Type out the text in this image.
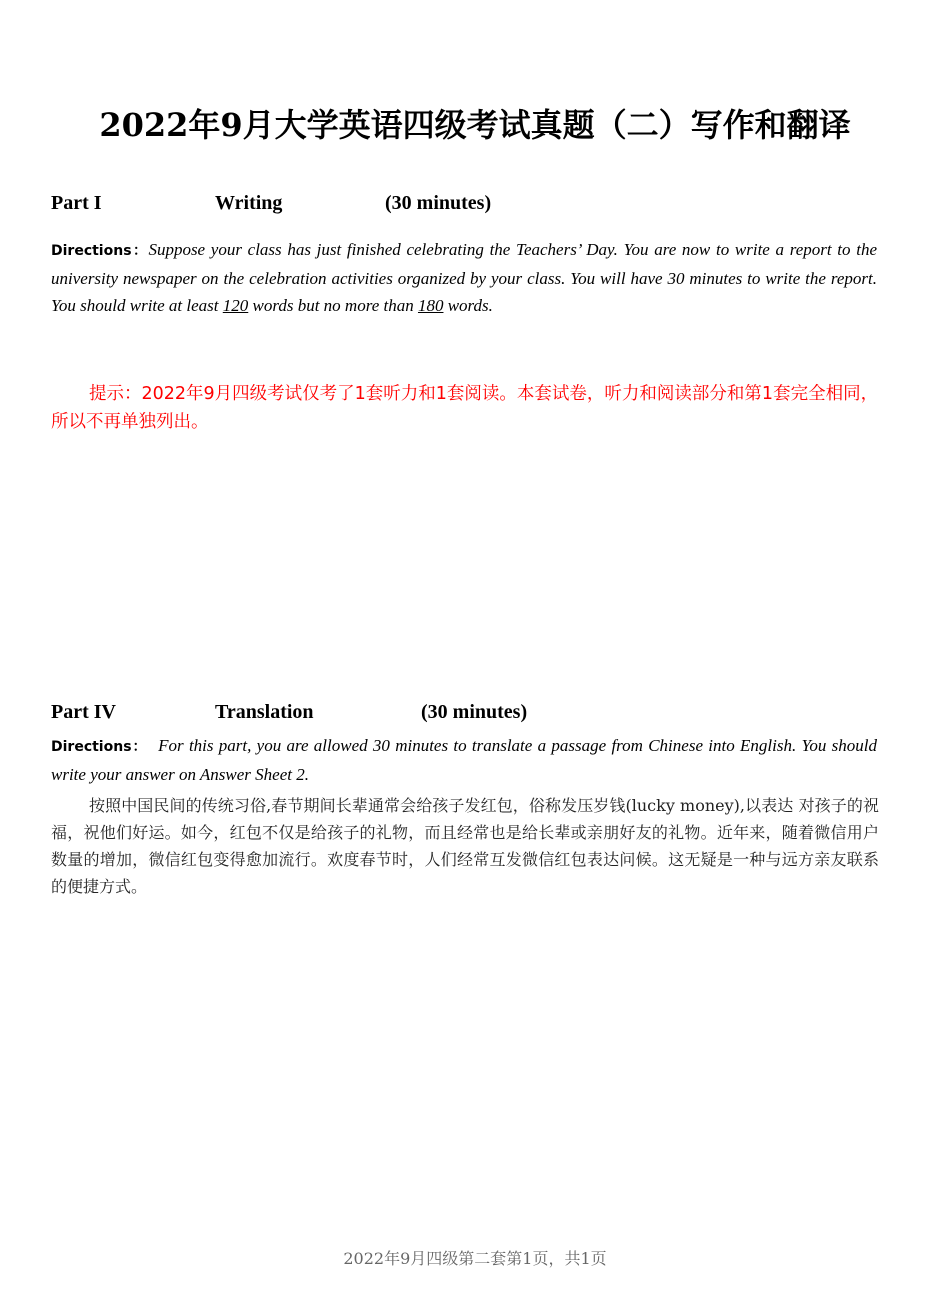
2022年9月大学英语四级考试真题（二）写作和翻译
Part I	Writing	(30 minutes)
Directions：Suppose your class has just finished celebrating the Teachers’ Day. You are now to write a report to the university newspaper on the celebration activities organized by your class. You will have 30 minutes to write the report. You should write at least 120 words but no more than 180 words.
提示：2022年9月四级考试仅考了1套听力和1套阅读。本套试卷，听力和阅读部分和第1套完全相同，所以不再单独列出。
Part IV	Translation	(30 minutes)
Directions： For this part, you are allowed 30 minutes to translate a passage from Chinese into English. You should write your answer on Answer Sheet 2.
按照中国民间的传统习俗,春节期间长辈通常会给孩子发红包，俗称发压岁钱(lucky money),以表达 对孩子的祝福，祝他们好运。如今，红包不仅是给孩子的礼物，而且经常也是给长辈或亲朋好友的礼物。近年来，随着微信用户数量的增加，微信红包变得愈加流行。欢度春节时，人们经常互发微信红包表达问候。这无疑是一种与远方亲友联系的便捷方式。
2022年9月四级第二套第1页，共1页
